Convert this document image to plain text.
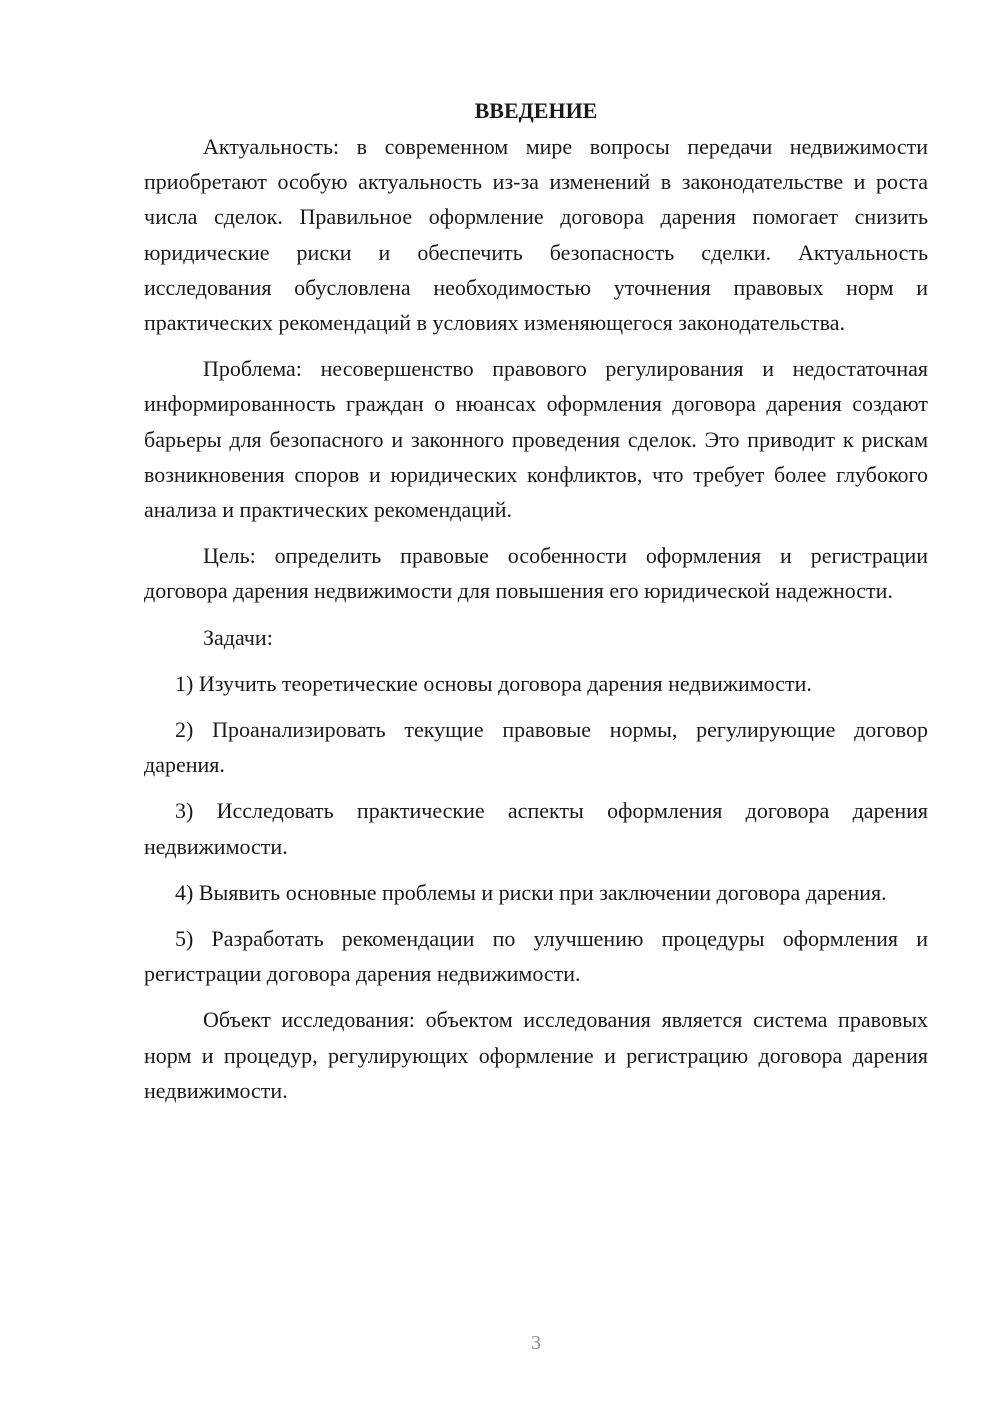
ВВЕДЕНИЕ

Актуальность: в современном мире вопросы передачи недвижимости приобретают особую актуальность из-за изменений в законодательстве и роста числа сделок. Правильное оформление договора дарения помогает снизить юридические риски и обеспечить безопасность сделки. Актуальность исследования обусловлена необходимостью уточнения правовых норм и практических рекомендаций в условиях изменяющегося законодательства.

Проблема: несовершенство правового регулирования и недостаточная информированность граждан о нюансах оформления договора дарения создают барьеры для безопасного и законного проведения сделок. Это приводит к рискам возникновения споров и юридических конфликтов, что требует более глубокого анализа и практических рекомендаций.

Цель: определить правовые особенности оформления и регистрации договора дарения недвижимости для повышения его юридической надежности.

Задачи:

1) Изучить теоретические основы договора дарения недвижимости.

2) Проанализировать текущие правовые нормы, регулирующие договор дарения.

3) Исследовать практические аспекты оформления договора дарения недвижимости.

4) Выявить основные проблемы и риски при заключении договора дарения.

5) Разработать рекомендации по улучшению процедуры оформления и регистрации договора дарения недвижимости.

Объект исследования: объектом исследования является система правовых норм и процедур, регулирующих оформление и регистрацию договора дарения недвижимости.

3
